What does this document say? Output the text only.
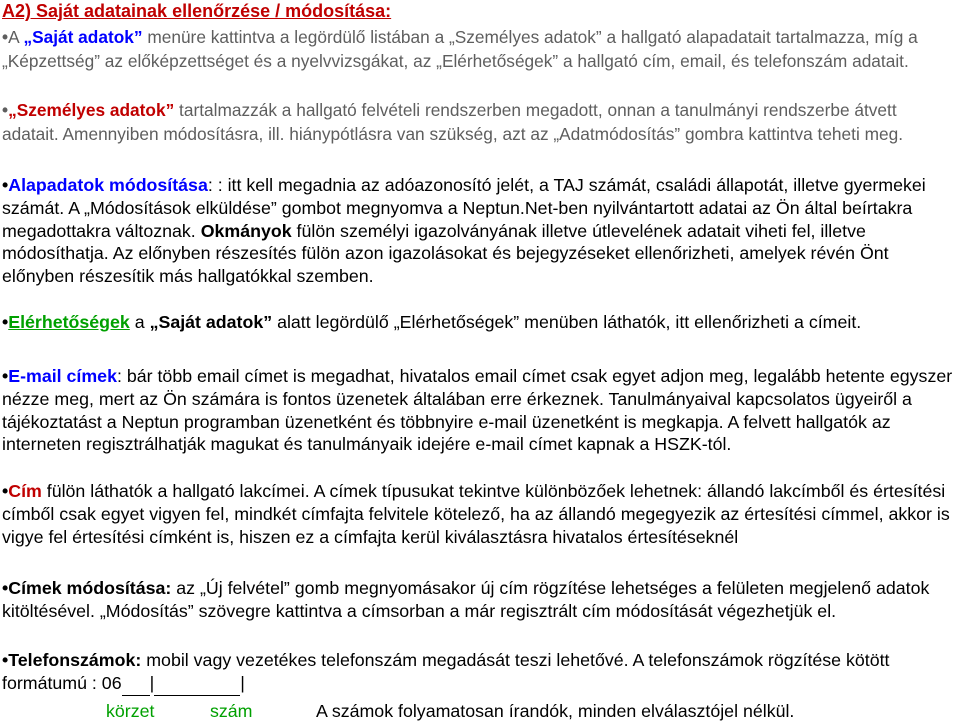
A2) Saját adatainak ellenőrzése / módosítása:
•A „Saját adatok” menüre kattintva a legördülő listában a „Személyes adatok” a hallgató alapadatait tartalmazza, míg a „Képzettség” az előképzettséget és a nyelvvizsgákat, az „Elérhetőségek” a hallgató cím, email, és telefonszám adatait.
•„Személyes adatok” tartalmazzák a hallgató felvételi rendszerben megadott, onnan a tanulmányi rendszerbe átvett adatait. Amennyiben módosításra, ill. hiánypótlásra van szükség, azt az „Adatmódosítás” gombra kattintva teheti meg.
•Alapadatok módosítása: : itt kell megadnia az adóazonosító jelét, a TAJ számát, családi állapotát, illetve gyermekei számát. A „Módosítások elküldése” gombot megnyomva a Neptun.Net-ben nyilvántartott adatai az Ön által beírtakra megadottakra változnak. Okmányok fülön személyi igazolványának illetve útlevelének adatait viheti fel, illetve módosíthatja. Az előnyben részesítés fülön azon igazolásokat és bejegyzéseket ellenőrizheti, amelyek révén Önt előnyben részesítik más hallgatókkal szemben.
•Elérhetőségek a „Saját adatok” alatt legördülő „Elérhetőségek” menüben láthatók, itt ellenőrizheti a címeit.
•E-mail címek: bár több email címet is megadhat, hivatalos email címet csak egyet adjon meg, legalább hetente egyszer nézze meg, mert az Ön számára is fontos üzenetek általában erre érkeznek. Tanulmányaival kapcsolatos ügyeiről a tájékoztatást a Neptun programban üzenetként és többnyire e-mail üzenetként is megkapja. A felvett hallgatók az interneten regisztrálhatják magukat és tanulmányaik idejére e-mail címet kapnak a HSZK-tól.
•Cím fülön láthatók a hallgató lakcímei. A címek típusukat tekintve különbözőek lehetnek: állandó lakcímből és értesítési címből csak egyet vigyen fel, mindkét címfajta felvitele kötelező, ha az állandó megegyezik az értesítési címmel, akkor is vigye fel értesítési címként is, hiszen ez a címfajta kerül kiválasztásra hivatalos értesítéseknél
•Címek módosítása: az „Új felvétel” gomb megnyomásakor új cím rögzítése lehetséges a felületen megjelenő adatok kitöltésével. „Módosítás” szövegre kattintva a címsorban a már regisztrált cím módosítását végezhetjük el.
•Telefonszámok: mobil vagy vezetékes telefonszám megadását teszi lehetővé. A telefonszámok rögzítése kötött formátumú : 06 |	|
körzet	szám	A számok folyamatosan írandók, minden elválasztójel nélkül.
